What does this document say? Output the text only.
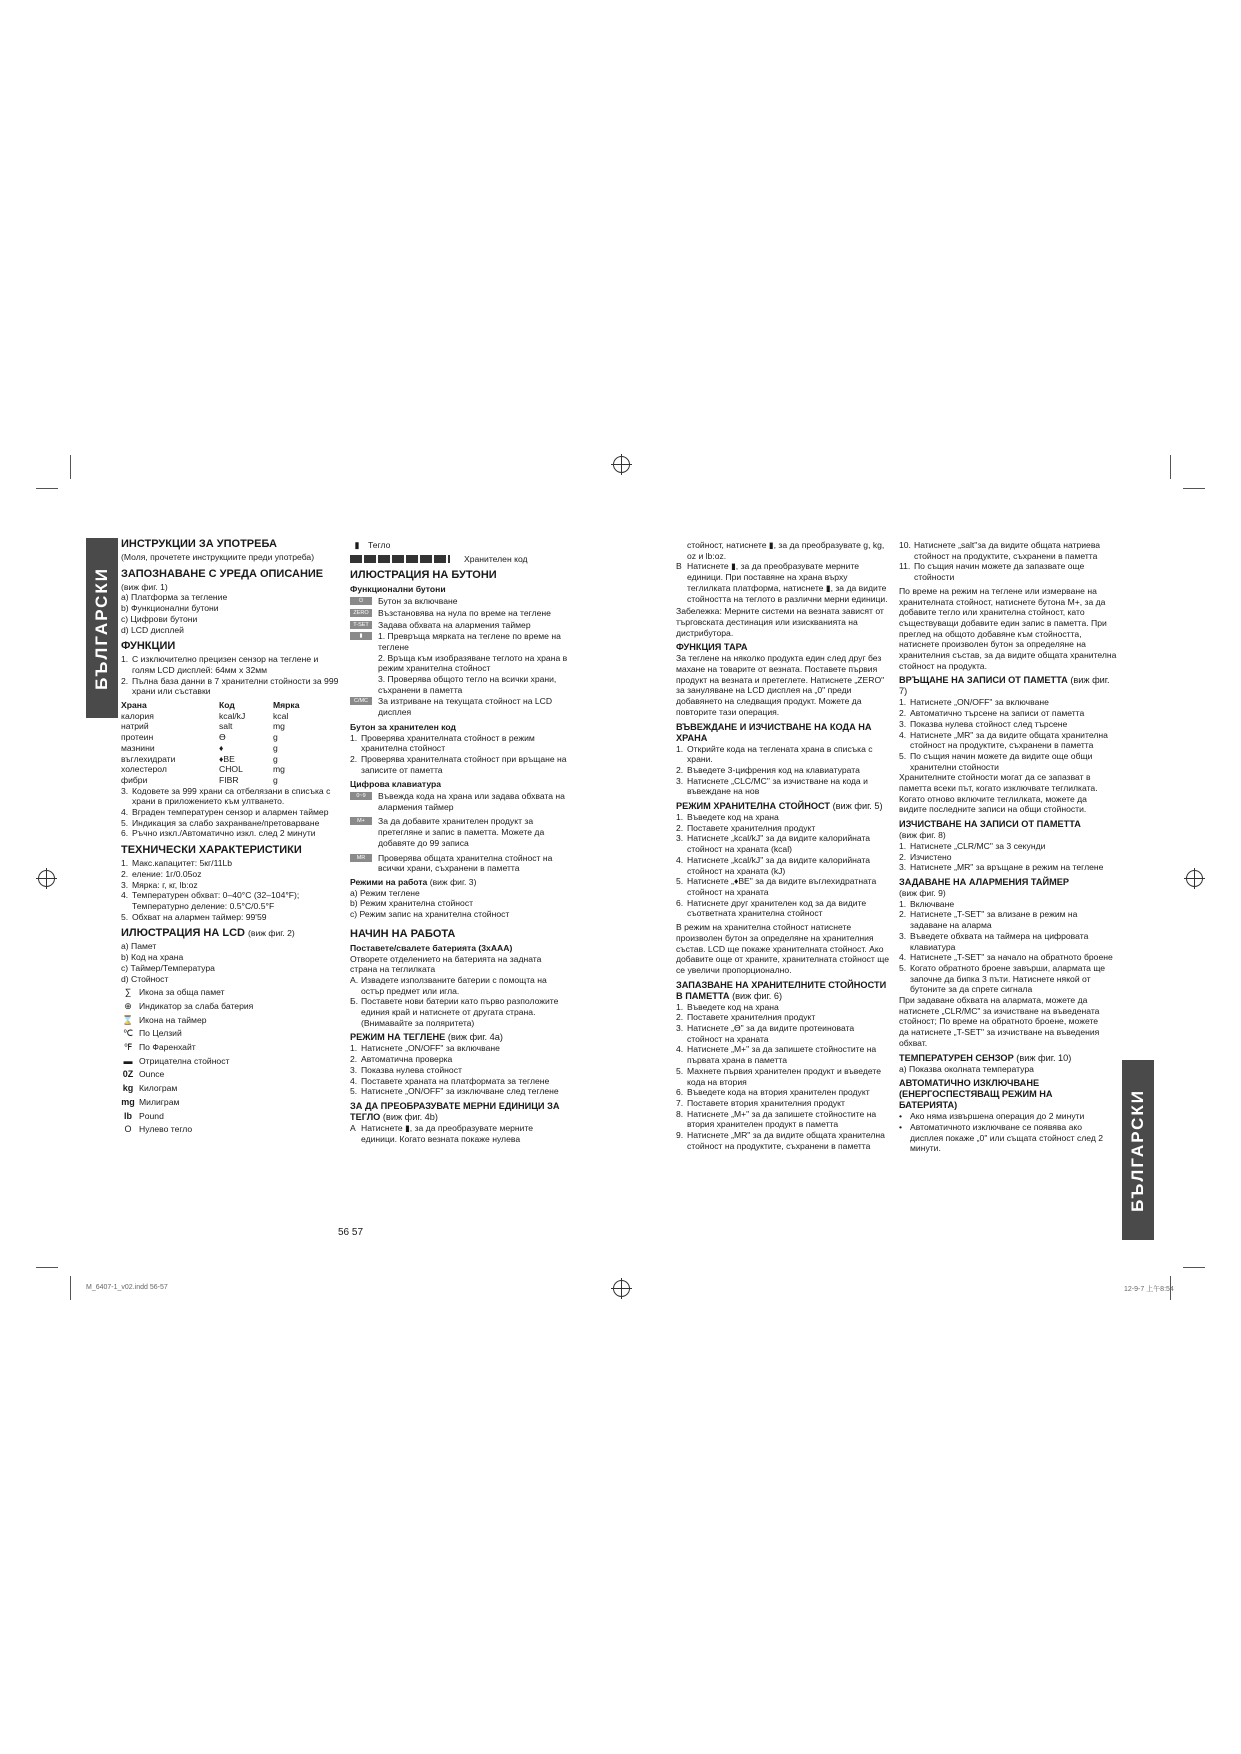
БЪЛГАРСКИ
БЪЛГАРСКИ
M_6407-1_v02.indd 56-57	12-9-7 上午8:54
56 57
ИНСТРУКЦИИ ЗА УПОТРЕБА
(Моля, прочетете инструкциите преди употреба)
ЗАПОЗНАВАНЕ С УРЕДА ОПИСАНИЕ
(виж фиг. 1)
a) Платформа за тегление
b) Функционални бутони
c) Цифрови бутони
d) LCD дисплей
ФУНКЦИИ
1. С изключително прецизен сензор на теглене и голям LCD дисплей: 64мм x 32мм
2. Пълна база данни в 7 хранителни стойности за 999 храни или съставки
Храна	Код	Мярка
калория	kcal/kJ	kcal
натрий	salt	mg
протеин	ϴ	g
мазнини	♦	g
въглехидрати	♦BE	g
холестерол	CHOL	mg
фибри	FIBR	g
3. Кодовете за 999 храни са отбелязани в списъка с храни в приложението към ултването.
4. Вграден температурен сензор и алармен таймер
5. Индикация за слабо захранване/претоварване
6. Ръчно изкл./Автоматично изкл. след 2 минути
ТЕХНИЧЕСКИ ХАРАКТЕРИСТИКИ
1. Макс.капацитет: 5кг/11Lb
2. еление: 1г/0.05oz
3. Мярка: г, кг, lb:oz
4. Температурен обхват: 0–40°C (32–104°F); Температурно деление: 0.5°C/0.5°F
5. Обхват на алармен таймер: 99'59
ИЛЮСТРАЦИЯ НА LCD (виж фиг. 2)
a) Памет
b) Код на храна
c) Таймер/Температура
d) Стойност
∑ Икона за обща памет
⊕ Индикатор за слаба батерия
⌛ Икона на таймер
℃ По Целзий
℉ По Фаренхайт
▬ Отрицателна стойност
0Z Ounce
kg Килограм
mg Милиграм
lb Pound
O Нулево тегло
▮ Тегло
Хранителен код
ИЛЮСТРАЦИЯ НА БУТОНИ
Функционални бутони
⏻	Бутон за включване
ZERO	Възстановява на нула по време на теглене
T-SET	Задава обхвата на алармения таймер
▮	1. Превръща мярката на теглене по време на теглене
2. Връща към изобразяване теглото на храна в режим хранителна стойност
3. Проверява общото тегло на всички храни, съхранени в паметта
C/MC	За изтриване на текущата стойност на LCD дисплея
Бутон за хранителен код
1. Проверява хранителната стойност в режим хранителна стойност
2. Проверява хранителната стойност при връщане на записите от паметта
Цифрова клавиатура
0~9	Въвежда кода на храна или задава обхвата на алармения таймер
M+	За да добавите хранителен продукт за претегляне и запис в паметта. Можете да добавяте до 99 записа
MR	Проверява общата хранителна стойност на всички храни, съхранени в паметта
Режими на работа (виж фиг. 3)
a) Режим теглене
b) Режим хранителна стойност
c) Режим запис на хранителна стойност
НАЧИН НА РАБОТА
Поставете/свалете батерията (3xAAA)
Отворете отделението на батерията на задната страна на теглилката
A. Извадете използваните батерии с помощта на остър предмет или игла.
Б. Поставете нови батерии като първо разположите единия край и натиснете от другата страна. (Внимавайте за поляритета)
РЕЖИМ НА ТЕГЛЕНЕ (виж фиг. 4a)
1. Натиснете „ON/OFF" за включване
2. Автоматична проверка
3. Показва нулева стойност
4. Поставете храната на платформата за теглене
5. Натиснете „ON/OFF" за изключване след теглене
ЗА ДА ПРЕОБРАЗУВАТЕ МЕРНИ ЕДИНИЦИ ЗА ТЕГЛО (виж фиг. 4b)
A Натиснете ▮, за да преобразувате мерните единици. Когато везната покаже нулева
стойност, натиснете ▮, за да преобразувате g, kg, oz и lb:oz.
B Натиснете ▮, за да преобразувате мерните единици. При поставяне на храна върху теглилката платформа, натиснете ▮, за да видите стойността на теглото в различни мерни единици.
Забележка: Мерните системи на везната зависят от търговската дестинация или изискванията на дистрибутора.
ФУНКЦИЯ ТАРА
За теглене на няколко продукта един след друг без махане на товарите от везната. Поставете първия продукт на везната и претеглете. Натиснете „ZERO" за зануляване на LCD дисплея на „0" преди добавянето на следващия продукт. Можете да повторите тази операция.
ВЪВЕЖДАНЕ И ИЗЧИСТВАНЕ НА КОДА НА ХРАНА
1. Открийте кода на теглената храна в списъка с храни.
2. Въведете 3-цифрения код на клавиатурата
3. Натиснете „CLC/MC" за изчистване на кода и въвеждане на нов
РЕЖИМ ХРАНИТЕЛНА СТОЙНОСТ (виж фиг. 5)
1. Въведете код на храна
2. Поставете хранителния продукт
3. Натиснете „kcal/kJ" за да видите калорийната стойност на храната (kcal)
4. Натиснете „kcal/kJ" за да видите калорийната стойност на храната (kJ)
5. Натиснете „♦BE" за да видите въглехидратната стойност на храната
6. Натиснете друг хранителен код за да видите съответната хранителна стойност
В режим на хранителна стойност натиснете произволен бутон за определяне на хранителния състав. LCD ще покаже хранителната стойност. Ако добавите още от храните, хранителната стойност ще се увеличи пропорционално.
ЗАПАЗВАНЕ НА ХРАНИТЕЛНИТЕ СТОЙНОСТИ В ПАМЕТТА (виж фиг. 6)
1. Въведете код на храна
2. Поставете хранителния продукт
3. Натиснете „ϴ" за да видите протеиновата стойност на храната
4. Натиснете „M+" за да запишете стойностите на първата храна в паметта
5. Махнете първия хранителен продукт и въведете кода на втория
6. Въведете кода на втория хранителен продукт
7. Поставете втория хранителния продукт
8. Натиснете „M+" за да запишете стойностите на втория хранителен продукт в паметта
9. Натиснете „MR" за да видите общата хранителна стойност на продуктите, съхранени в паметта
10. Натиснете „salt"за да видите общата натриева стойност на продуктите, съхранени в паметта
11. По същия начин можете да запазвате още стойности
По време на режим на теглене или измерване на хранителната стойност, натиснете бутона M+, за да добавите тегло или хранителна стойност, като съществуващи добавите един запис в паметта. При преглед на общото добавяне към стойността, натиснете произволен бутон за определяне на хранителния състав, за да видите общата хранителна стойност на продукта.
ВРЪЩАНЕ НА ЗАПИСИ ОТ ПАМЕТТА (виж фиг. 7)
1. Натиснете „ON/OFF" за включване
2. Автоматично търсене на записи от паметта
3. Показва нулева стойност след търсене
4. Натиснете „MR" за да видите общата хранителна стойност на продуктите, съхранени в паметта
5. По същия начин можете да видите още общи хранителни стойности
Хранителните стойности могат да се запазват в паметта всеки път, когато изключвате теглилката. Когато отново включите теглилката, можете да видите последните записи на общи стойности.
ИЗЧИСТВАНЕ НА ЗАПИСИ ОТ ПАМЕТТА
(виж фиг. 8)
1. Натиснете „CLR/MC" за 3 секунди
2. Изчистено
3. Натиснете „MR" за връщане в режим на теглене
ЗАДАВАНЕ НА АЛАРМЕНИЯ ТАЙМЕР
(виж фиг. 9)
1. Включване
2. Натиснете „T-SET" за влизане в режим на задаване на аларма
3. Въведете обхвата на таймера на цифровата клавиатура
4. Натиснете „T-SET" за начало на обратното броене
5. Когато обратното броене завърши, алармата ще започне да бипка 3 пъти. Натиснете някой от бутоните за да спрете сигнала
При задаване обхвата на алармата, можете да натиснете „CLR/MC" за изчистване на въведената стойност; По време на обратното броене, можете да натиснете „T-SET" за изчистване на въведения обхват.
ТЕМПЕРАТУРЕН СЕНЗОР (виж фиг. 10)
a) Показва околната температура
АВТОМАТИЧНО ИЗКЛЮЧВАНЕ (ЕНЕРГОСПЕСТЯВАЩ РЕЖИМ НА БАТЕРИЯТА)
• Ако няма извършена операция до 2 минути
• Автоматичното изключване се появява ако дисплея покаже „0" или същата стойност след 2 минути.
